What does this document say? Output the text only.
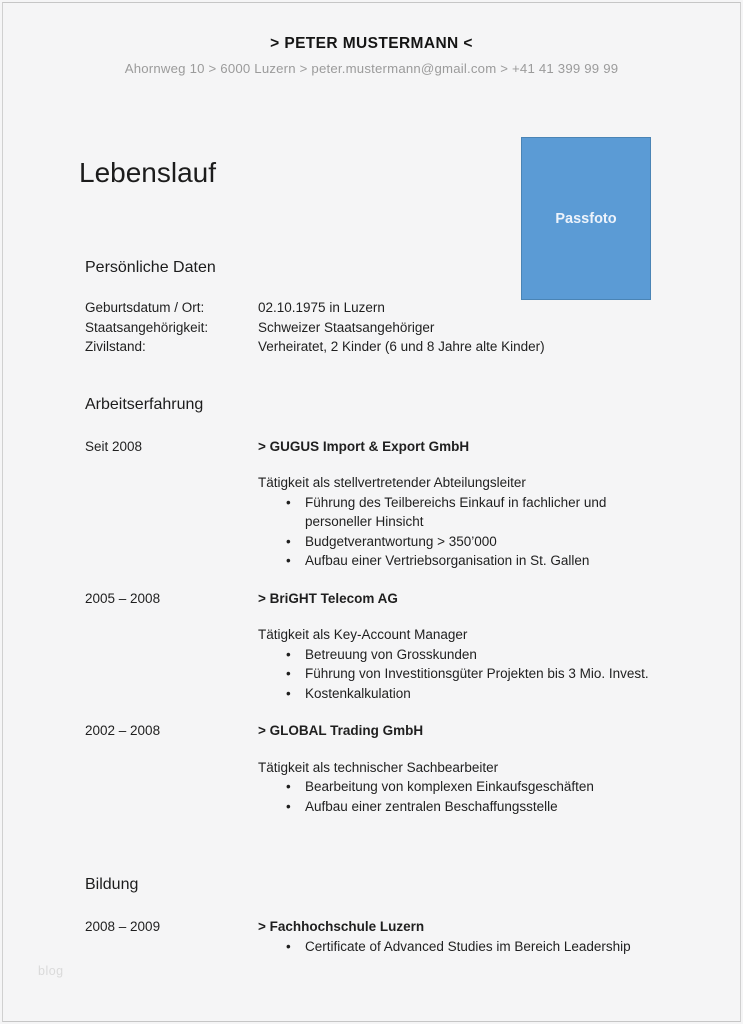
> PETER MUSTERMANN <
Ahornweg 10 > 6000 Luzern > peter.mustermann@gmail.com > +41 41 399 99 99
Passfoto
Lebenslauf
Persönliche Daten
Geburtsdatum / Ort:	02.10.1975 in Luzern
Staatsangehörigkeit:	Schweizer Staatsangehöriger
Zivilstand:	Verheiratet, 2 Kinder (6 und 8 Jahre alte Kinder)
Arbeitserfahrung
Seit 2008	> GUGUS Import & Export GmbH
Tätigkeit als stellvertretender Abteilungsleiter
• Führung des Teilbereichs Einkauf in fachlicher und personeller Hinsicht
• Budgetverantwortung > 350’000
• Aufbau einer Vertriebsorganisation in St. Gallen
2005 – 2008	> BriGHT Telecom AG
Tätigkeit als Key-Account Manager
• Betreuung von Grosskunden
• Führung von Investitionsgüter Projekten bis 3 Mio. Invest.
• Kostenkalkulation
2002 – 2008	> GLOBAL Trading GmbH
Tätigkeit als technischer Sachbearbeiter
• Bearbeitung von komplexen Einkaufsgeschäften
• Aufbau einer zentralen Beschaffungsstelle
Bildung
2008 – 2009	> Fachhochschule Luzern
• Certificate of Advanced Studies im Bereich Leadership
blog
